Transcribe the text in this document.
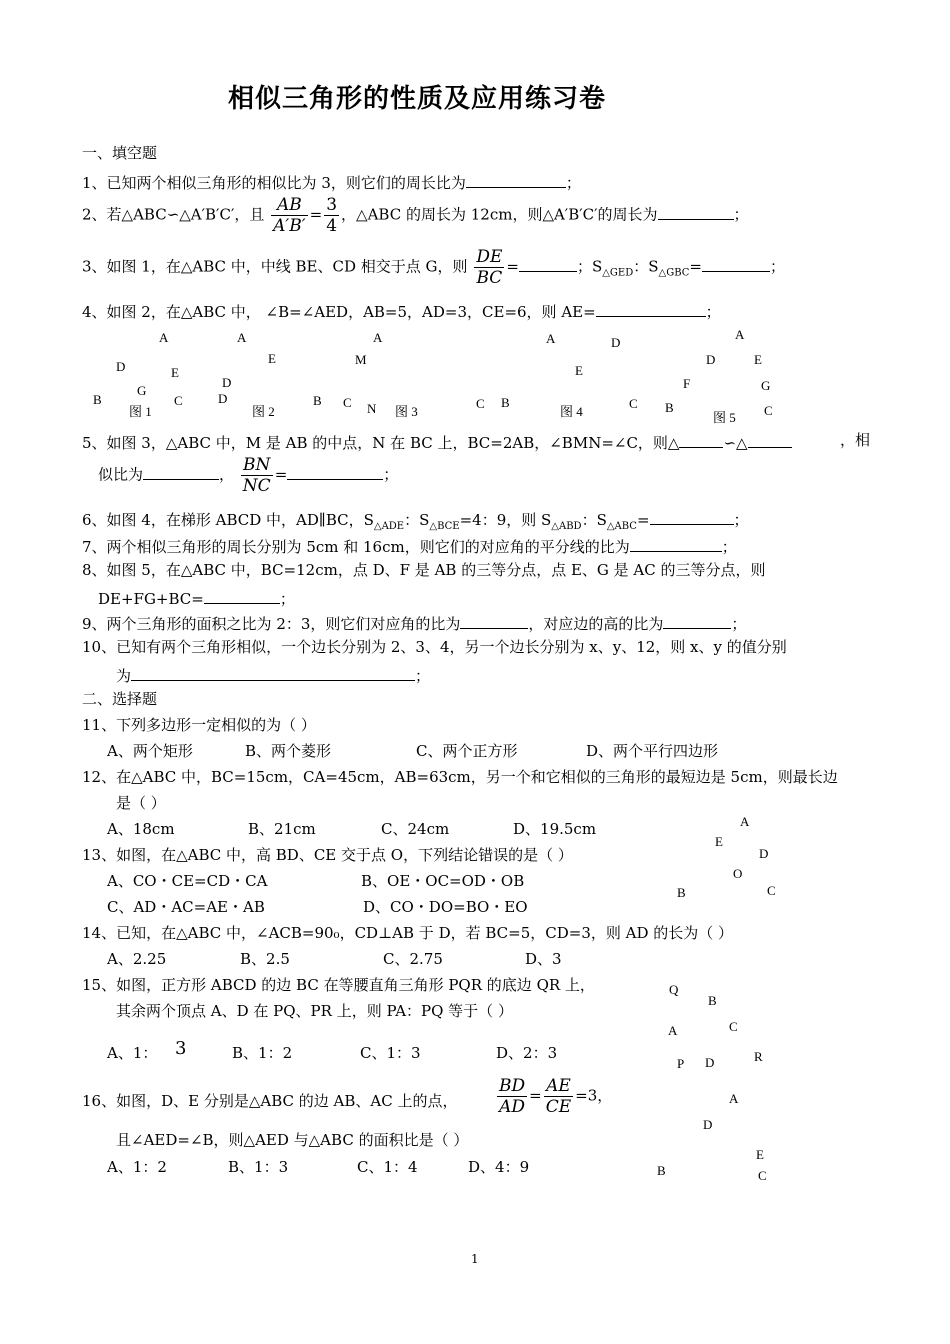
相似三角形的性质及应用练习卷
一、填空题
1、已知两个相似三角形的相似比为 3，则它们的周长比为	；
2、若△ABC∽△A′B′C′，且 $\frac{AB}{A'B'} = \frac{3}{4}$ ，△ABC 的周长为 12cm，则△A′B′C′的周长为	；
3、如图 1，在△ABC 中，中线 BE、CD 相交于点 G，则 $\frac{DE}{BC}$ =	；$S_{\triangle GED}$：$S_{\triangle GBC}=$	；
4、如图 2，在△ABC 中， ∠B=∠AED，AB=5，AD=3，CE=6，则 AE=	；
A	A	A	A	D
A
D
E	M	D	E
E
D	F
G
E
G
B	C	D	B C	B
N	C	B
C	C
图 1	图 2	图 3	图 4	图 5
5、如图 3，△ABC 中，M 是 AB 的中点，N 在 BC 上，BC=2AB，∠BMN=∠C，则△	∽△	，相
似比为	， $\frac{BN}{NC}$ =	；
6、如图 4，在梯形 ABCD 中，AD∥BC，$S_{\triangle ADE}$：$S_{\triangle BCE}=4$：9，则 $S_{\triangle ABD}$：$S_{\triangle ABC}=$	；
7、两个相似三角形的周长分别为 5cm 和 16cm，则它们的对应角的平分线的比为	；
8、如图 5，在△ABC 中，BC=12cm，点 D、F 是 AB 的三等分点，点 E、G 是 AC 的三等分点，则
DE+FG+BC=	；
9、两个三角形的面积之比为 2：3，则它们对应角的比为	，对应边的高的比为	；
10、已知有两个三角形相似，一个边长分别为 2、3、4，另一个边长分别为 x、y、12，则 x、y 的值分别
为	；
二、选择题
11、下列多边形一定相似的为（ ）
A、两个矩形	B、两个菱形	C、两个正方形	D、两个平行四边形
12、在△ABC 中，BC=15cm，CA=45cm，AB=63cm，另一个和它相似的三角形的最短边是 5cm，则最长边
是（ ）
A、18cm	B、21cm	C、24cm	D、19.5cm	A
E
D
O
B	C
13、如图，在△ABC 中，高 BD、CE 交于点 O，下列结论错误的是（ ）
A、CO・CE=CD・CA	B、OE・OC=OD・OB
C、AD・AC=AE・AB	D、CO・DO=BO・EO
14、已知，在△ABC 中，∠ACB=90₀，CD⊥AB 于 D，若 BC=5，CD=3，则 AD 的长为（ ）
A、2.25	B、2.5	C、2.75	D、3
15、如图，正方形 ABCD 的边 BC 在等腰直角三角形 PQR 的底边 QR 上，
其余两个顶点 A、D 在 PQ、PR 上，则 PA：PQ 等于（ ）
A、1： 3	B、1：2	C、1：3	D、2：3
Q
B
A	C
P D	R
16、如图，D、E 分别是△ABC 的边 AB、AC 上的点， $\frac{BD}{AD} = \frac{AE}{CE} =3$，
且∠AED=∠B，则△AED 与△ABC 的面积比是（ ）
A、1：2	B、1：3	C、1：4	D、4：9
A
D
E
B	C
1
